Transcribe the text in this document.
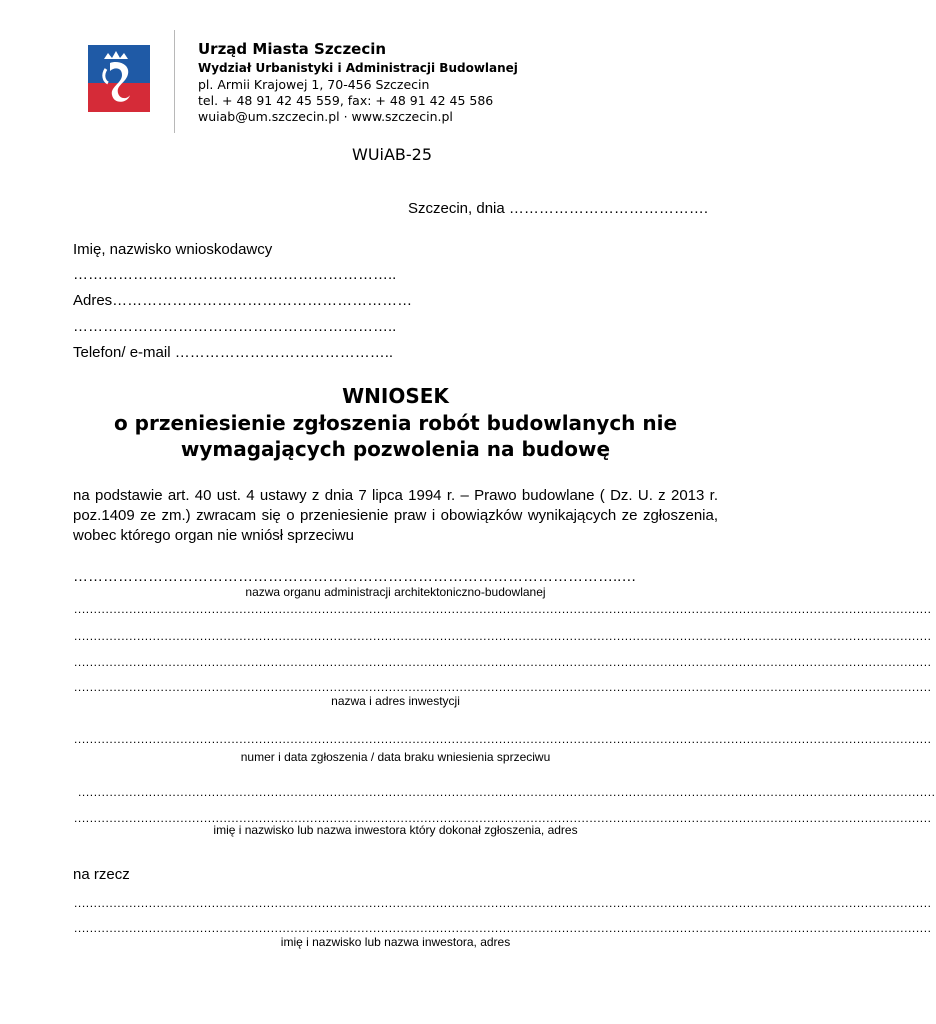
Urząd Miasta Szczecin
Wydział Urbanistyki i Administracji Budowlanej
pl. Armii Krajowej 1, 70-456 Szczecin
tel. + 48 91 42 45 559, fax: + 48 91 42 45 586
wuiab@um.szczecin.pl · www.szczecin.pl
WUiAB-25
Szczecin, dnia ………………………………….
Imię, nazwisko wnioskodawcy
………………………………………………………..
Adres……………………………………………………
………………………………………………………..
Telefon/ e-mail ……………………………………..
WNIOSEK
o przeniesienie zgłoszenia robót budowlanych nie
wymagających pozwolenia na budowę
na podstawie art. 40 ust. 4 ustawy z dnia 7 lipca 1994 r. – Prawo budowlane ( Dz. U. z 2013 r. poz.1409 ze zm.) zwracam się o przeniesienie praw i obowiązków wynikających ze zgłoszenia, wobec którego organ nie wniósł sprzeciwu
………………………………………………………………………………………………..…
nazwa organu administracji architektoniczno-budowlanej
..........................................................................................................................................................................................................................
..........................................................................................................................................................................................................................
..........................................................................................................................................................................................................................
..........................................................................................................................................................................................................................
nazwa i adres inwestycji
..........................................................................................................................................................................................................................
numer i data zgłoszenia / data braku wniesienia sprzeciwu
..........................................................................................................................................................................................................................
..........................................................................................................................................................................................................................
imię i nazwisko lub nazwa inwestora który dokonał zgłoszenia, adres
na rzecz
..........................................................................................................................................................................................................................
..........................................................................................................................................................................................................................
imię i nazwisko lub nazwa inwestora, adres
